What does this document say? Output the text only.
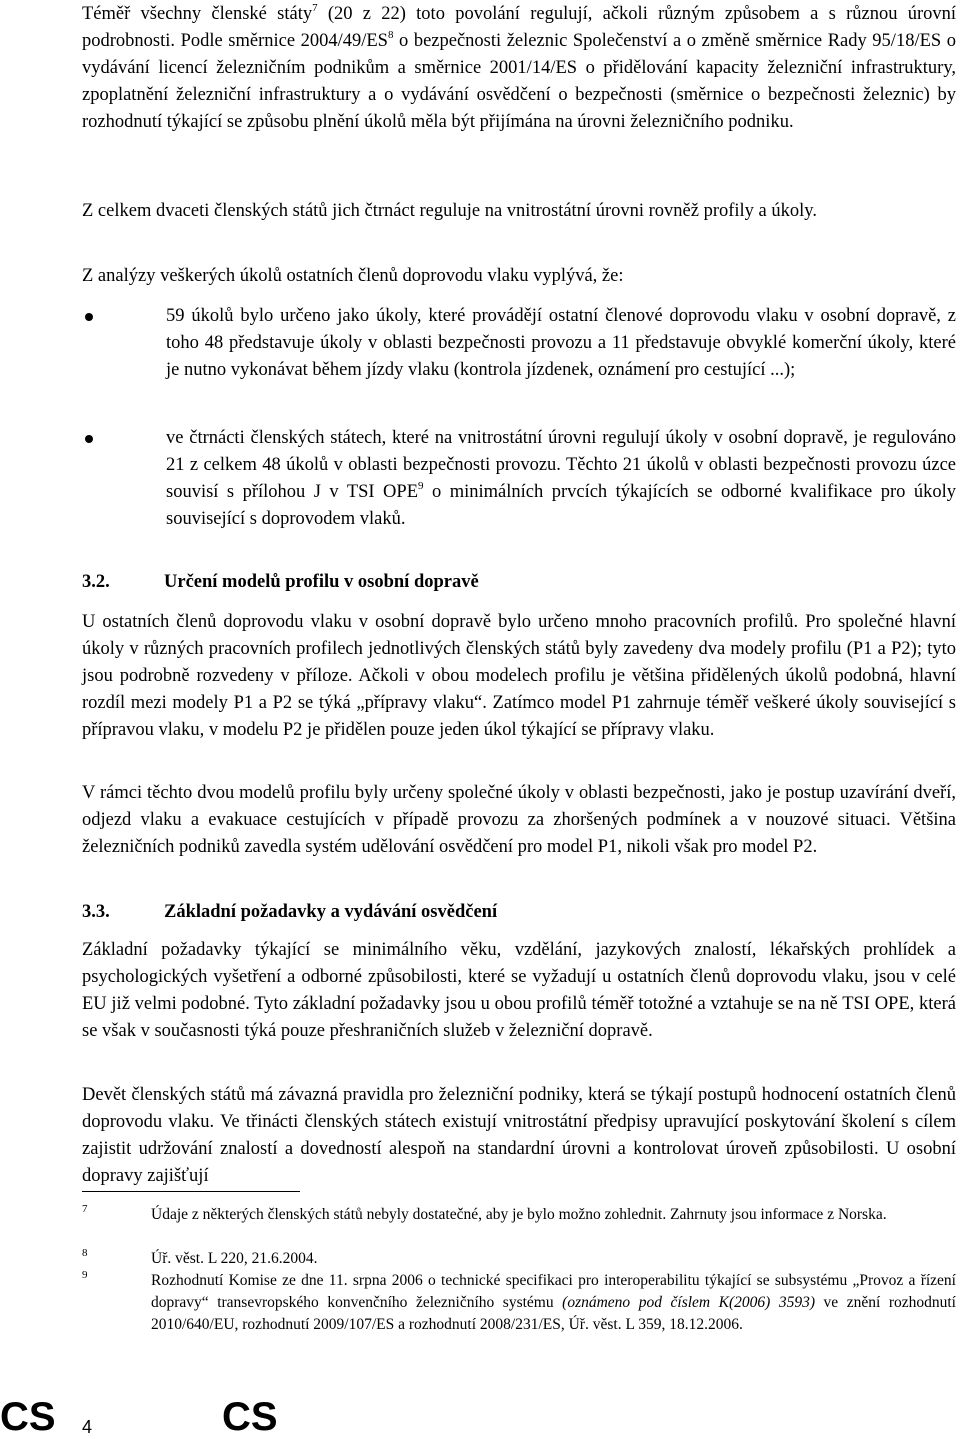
Téměř všechny členské státy$^7$ (20 z 22) toto povolání regulují, ačkoli různým způsobem a s různou úrovní podrobnosti. Podle směrnice $2004/49/ES^8$ o bezpečnosti železnic Společenství a o změně směrnice Rady 95/18/ES o vydávání licencí železničním podnikům a směrnice 2001/14/ES o přidělování kapacity železniční infrastruktury, zpoplatnění železniční infrastruktury a o vydávání osvědčení o bezpečnosti (směrnice o bezpečnosti železnic) by rozhodnutí týkající se způsobu plnění úkolů měla být přijímána na úrovni železničního podniku.

Z celkem dvaceti členských států jich čtrnáct reguluje na vnitrostátní úrovni rovněž profily a úkoly.

Z analýzy veškerých úkolů ostatních členů doprovodu vlaku vyplývá, že:

59 úkolů bylo určeno jako úkoly, které provádějí ostatní členové doprovodu vlaku v osobní dopravě, z toho 48 představuje úkoly v oblasti bezpečnosti provozu a 11 představuje obvyklé komerční úkoly, které je nutno vykonávat během jízdy vlaku (kontrola jízdenek, oznámení pro cestující ...);
ve čtrnácti členských státech, které na vnitrostátní úrovni regulují úkoly v osobní dopravě, je regulováno 21 z celkem 48 úkolů v oblasti bezpečnosti provozu. Těchto 21 úkolů v oblasti bezpečnosti provozu úzce souvisí s přílohou J v TSI OPE$^9$ o minimálních prvcích týkajících se odborné kvalifikace pro úkoly související s doprovodem vlaků.
3.2.	Určení modelů profilu v osobní dopravě

U ostatních členů doprovodu vlaku v osobní dopravě bylo určeno mnoho pracovních profilů. Pro společné hlavní úkoly v různých pracovních profilech jednotlivých členských států byly zavedeny dva modely profilu (P1 a P2); tyto jsou podrobně rozvedeny v příloze. Ačkoli v obou modelech profilu je většina přidělených úkolů podobná, hlavní rozdíl mezi modely P1 a P2 se týká „přípravy vlaku“. Zatímco model P1 zahrnuje téměř veškeré úkoly související s přípravou vlaku, v modelu P2 je přidělen pouze jeden úkol týkající se přípravy vlaku.

V rámci těchto dvou modelů profilu byly určeny společné úkoly v oblasti bezpečnosti, jako je postup uzavírání dveří, odjezd vlaku a evakuace cestujících v případě provozu za zhoršených podmínek a v nouzové situaci. Většina železničních podniků zavedla systém udělování osvědčení pro model P1, nikoli však pro model P2.

3.3.	Základní požadavky a vydávání osvědčení

Základní požadavky týkající se minimálního věku, vzdělání, jazykových znalostí, lékařských prohlídek a psychologických vyšetření a odborné způsobilosti, které se vyžadují u ostatních členů doprovodu vlaku, jsou v celé EU již velmi podobné. Tyto základní požadavky jsou u obou profilů téměř totožné a vztahuje se na ně TSI OPE, která se však v současnosti týká pouze přeshraničních služeb v železniční dopravě.

Devět členských států má závazná pravidla pro železniční podniky, která se týkají postupů hodnocení ostatních členů doprovodu vlaku. Ve třinácti členských státech existují vnitrostátní předpisy upravující poskytování školení s cílem zajistit udržování znalostí a dovedností alespoň na standardní úrovni a kontrolovat úroveň způsobilosti. U osobní dopravy zajišťují

7	Údaje z některých členských států nebyly dostatečné, aby je bylo možno zohlednit. Zahrnuty jsou informace z Norska.

8	Úř. věst. L 220, 21.6.2004.

9	Rozhodnutí Komise ze dne 11. srpna 2006 o technické specifikaci pro interoperabilitu týkající se subsystému „Provoz a řízení dopravy“ transevropského konvenčního železničního systému (oznámeno pod číslem K(2006) 3593) ve znění rozhodnutí 2010/640/EU, rozhodnutí 2009/107/ES a rozhodnutí 2008/231/ES, Úř. věst. L 359, 18.12.2006.

CS 4	CS
